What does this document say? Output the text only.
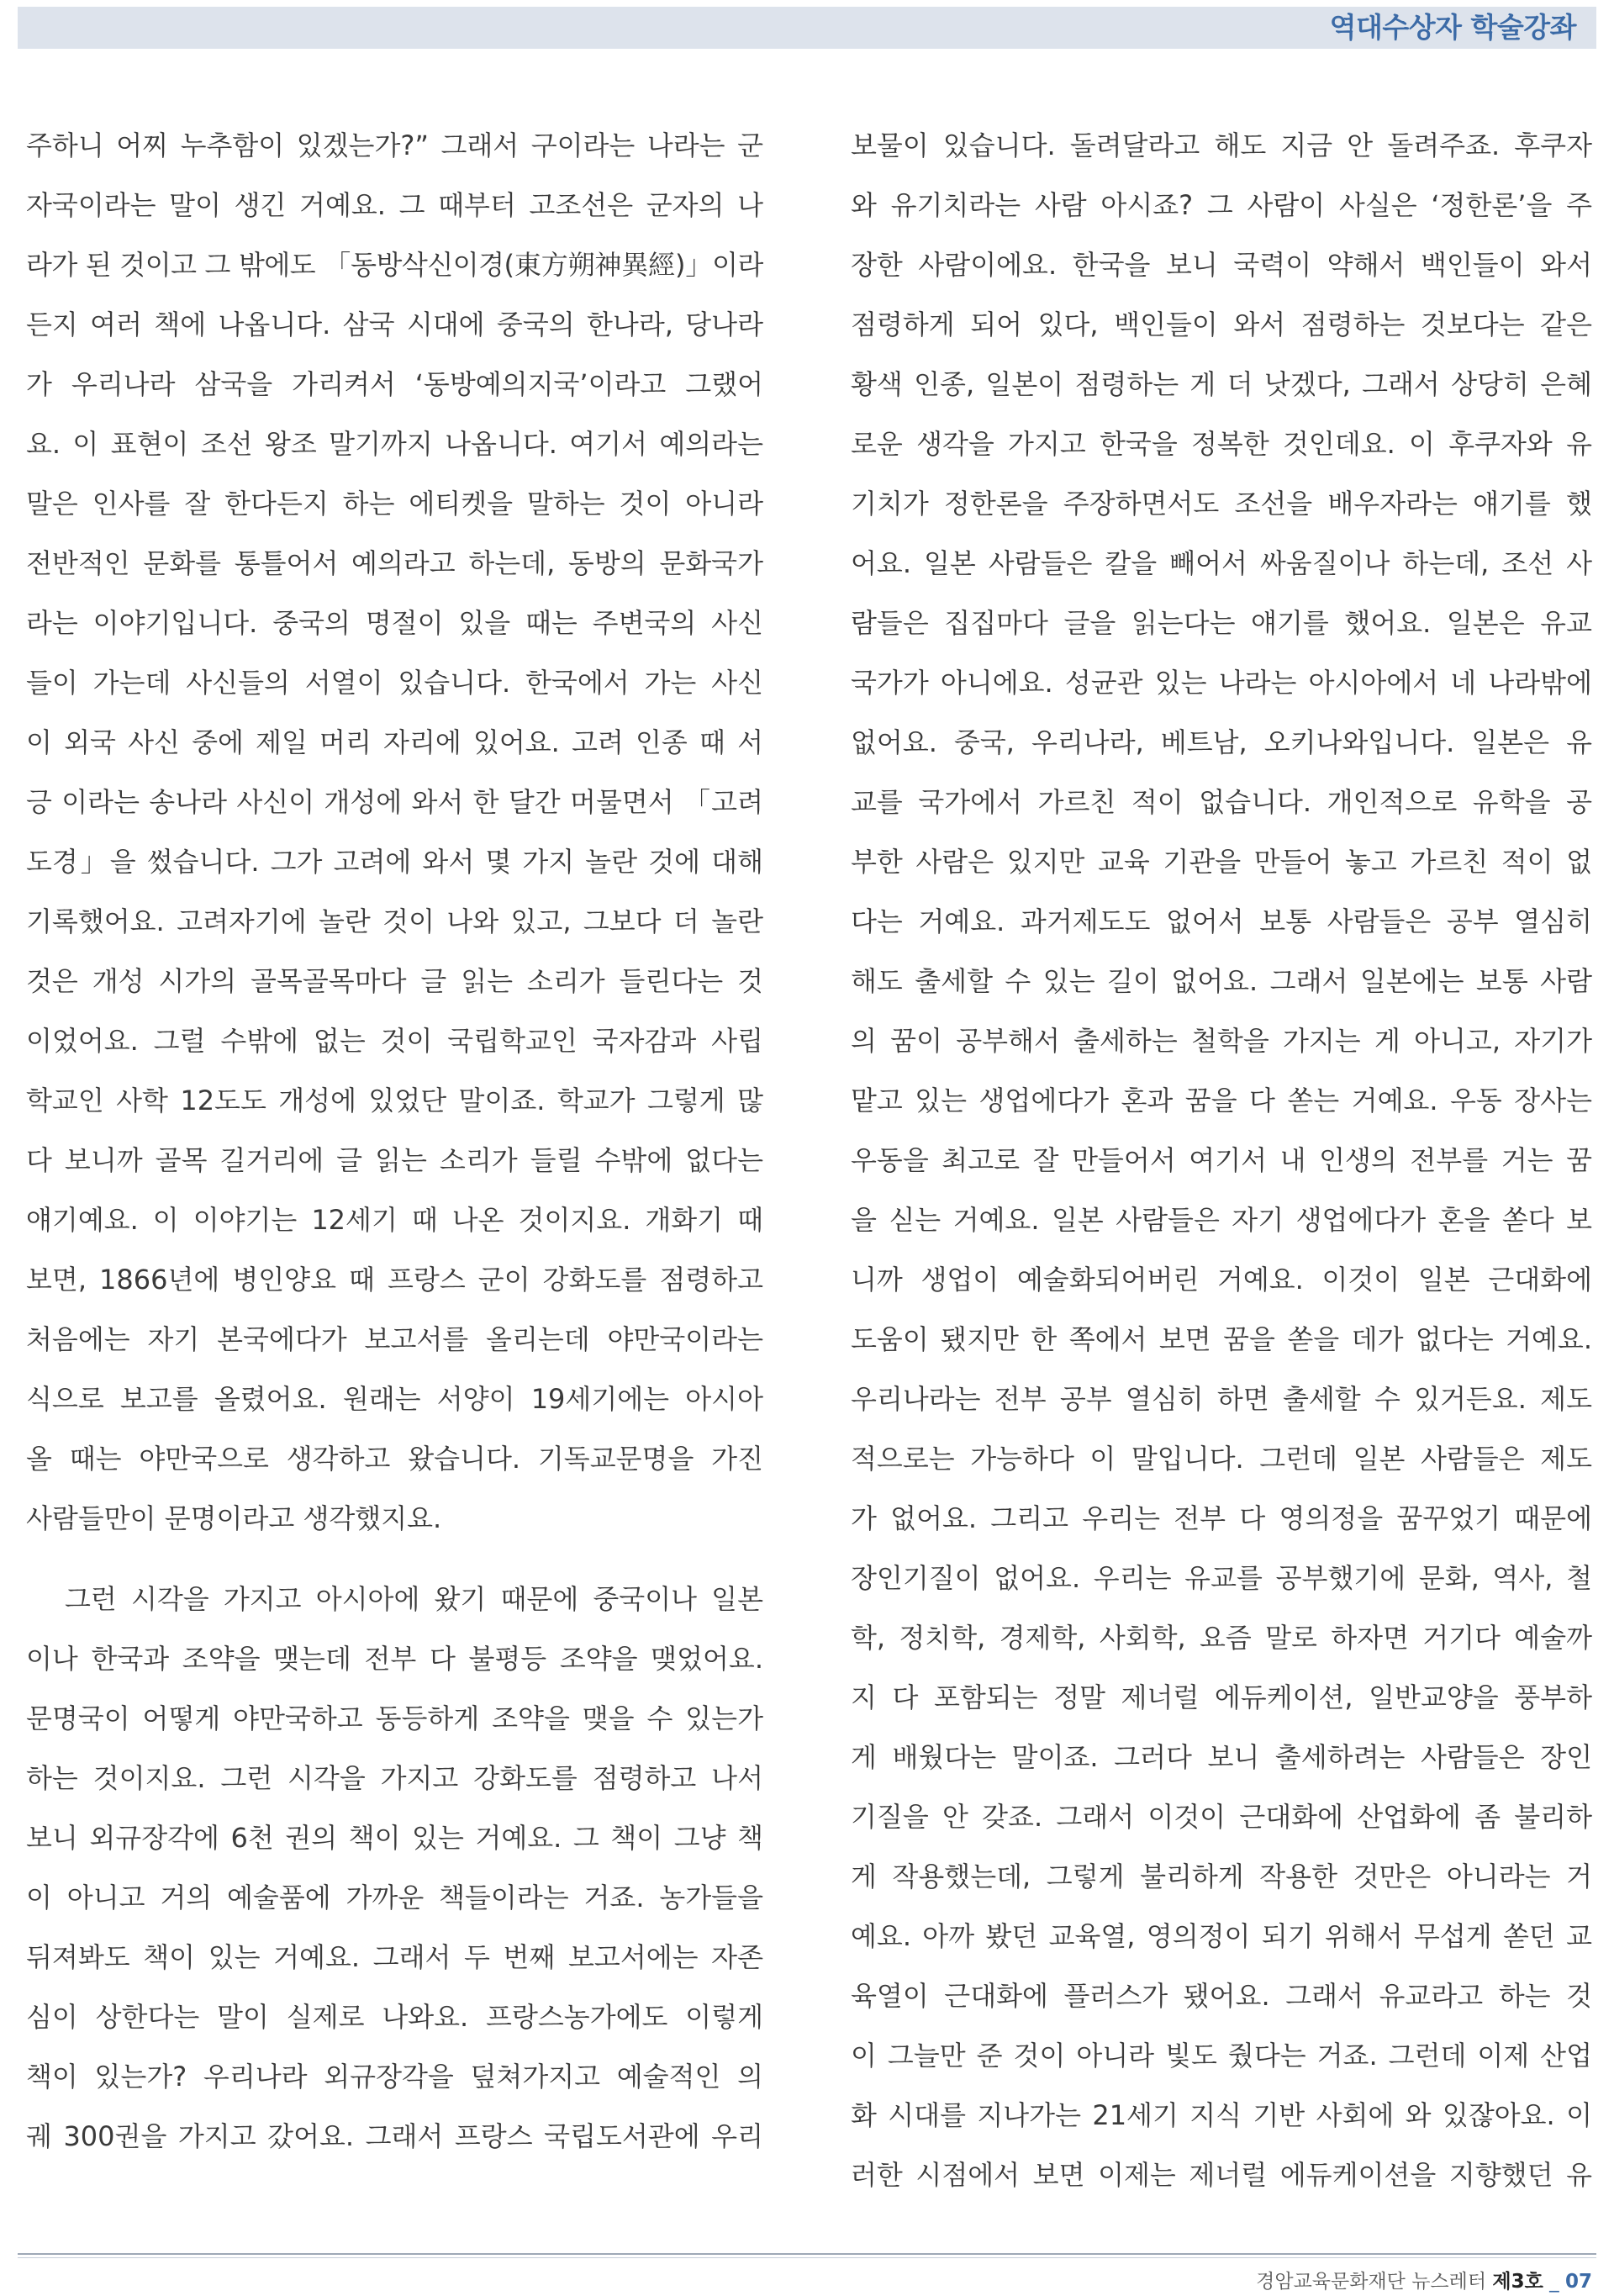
역대수상자 학술강좌
주하니 어찌 누추함이 있겠는가?” 그래서 구이라는 나라는 군
자국이라는 말이 생긴 거예요. 그 때부터 고조선은 군자의 나
라가 된 것이고 그 밖에도 「동방삭신이경(東方朔神異經)」이라
든지 여러 책에 나옵니다. 삼국 시대에 중국의 한나라, 당나라
가 우리나라 삼국을 가리켜서 ‘동방예의지국’이라고 그랬어
요. 이 표현이 조선 왕조 말기까지 나옵니다. 여기서 예의라는
말은 인사를 잘 한다든지 하는 에티켓을 말하는 것이 아니라
전반적인 문화를 통틀어서 예의라고 하는데, 동방의 문화국가
라는 이야기입니다. 중국의 명절이 있을 때는 주변국의 사신
들이 가는데 사신들의 서열이 있습니다. 한국에서 가는 사신
이 외국 사신 중에 제일 머리 자리에 있어요. 고려 인종 때 서
긍 이라는 송나라 사신이 개성에 와서 한 달간 머물면서 「고려
도경」을 썼습니다. 그가 고려에 와서 몇 가지 놀란 것에 대해
기록했어요. 고려자기에 놀란 것이 나와 있고, 그보다 더 놀란
것은 개성 시가의 골목골목마다 글 읽는 소리가 들린다는 것
이었어요. 그럴 수밖에 없는 것이 국립학교인 국자감과 사립
학교인 사학 12도도 개성에 있었단 말이죠. 학교가 그렇게 많
다 보니까 골목 길거리에 글 읽는 소리가 들릴 수밖에 없다는
얘기예요. 이 이야기는 12세기 때 나온 것이지요. 개화기 때
보면, 1866년에 병인양요 때 프랑스 군이 강화도를 점령하고
처음에는 자기 본국에다가 보고서를 올리는데 야만국이라는
식으로 보고를 올렸어요. 원래는 서양이 19세기에는 아시아
올 때는 야만국으로 생각하고 왔습니다. 기독교문명을 가진
사람들만이 문명이라고 생각했지요.
그런 시각을 가지고 아시아에 왔기 때문에 중국이나 일본
이나 한국과 조약을 맺는데 전부 다 불평등 조약을 맺었어요.
문명국이 어떻게 야만국하고 동등하게 조약을 맺을 수 있는가
하는 것이지요. 그런 시각을 가지고 강화도를 점령하고 나서
보니 외규장각에 6천 권의 책이 있는 거예요. 그 책이 그냥 책
이 아니고 거의 예술품에 가까운 책들이라는 거죠. 농가들을
뒤져봐도 책이 있는 거예요. 그래서 두 번째 보고서에는 자존
심이 상한다는 말이 실제로 나와요. 프랑스농가에도 이렇게
책이 있는가? 우리나라 외규장각을 덮쳐가지고 예술적인 의
궤 300권을 가지고 갔어요. 그래서 프랑스 국립도서관에 우리
보물이 있습니다. 돌려달라고 해도 지금 안 돌려주죠. 후쿠자
와 유기치라는 사람 아시죠? 그 사람이 사실은 ‘정한론’을 주
장한 사람이에요. 한국을 보니 국력이 약해서 백인들이 와서
점령하게 되어 있다, 백인들이 와서 점령하는 것보다는 같은
황색 인종, 일본이 점령하는 게 더 낫겠다, 그래서 상당히 은혜
로운 생각을 가지고 한국을 정복한 것인데요. 이 후쿠자와 유
기치가 정한론을 주장하면서도 조선을 배우자라는 얘기를 했
어요. 일본 사람들은 칼을 빼어서 싸움질이나 하는데, 조선 사
람들은 집집마다 글을 읽는다는 얘기를 했어요. 일본은 유교
국가가 아니에요. 성균관 있는 나라는 아시아에서 네 나라밖에
없어요. 중국, 우리나라, 베트남, 오키나와입니다. 일본은 유
교를 국가에서 가르친 적이 없습니다. 개인적으로 유학을 공
부한 사람은 있지만 교육 기관을 만들어 놓고 가르친 적이 없
다는 거예요. 과거제도도 없어서 보통 사람들은 공부 열심히
해도 출세할 수 있는 길이 없어요. 그래서 일본에는 보통 사람
의 꿈이 공부해서 출세하는 철학을 가지는 게 아니고, 자기가
맡고 있는 생업에다가 혼과 꿈을 다 쏟는 거예요. 우동 장사는
우동을 최고로 잘 만들어서 여기서 내 인생의 전부를 거는 꿈
을 싣는 거예요. 일본 사람들은 자기 생업에다가 혼을 쏟다 보
니까 생업이 예술화되어버린 거예요. 이것이 일본 근대화에
도움이 됐지만 한 쪽에서 보면 꿈을 쏟을 데가 없다는 거예요.
우리나라는 전부 공부 열심히 하면 출세할 수 있거든요. 제도
적으로는 가능하다 이 말입니다. 그런데 일본 사람들은 제도
가 없어요. 그리고 우리는 전부 다 영의정을 꿈꾸었기 때문에
장인기질이 없어요. 우리는 유교를 공부했기에 문화, 역사, 철
학, 정치학, 경제학, 사회학, 요즘 말로 하자면 거기다 예술까
지 다 포함되는 정말 제너럴 에듀케이션, 일반교양을 풍부하
게 배웠다는 말이죠. 그러다 보니 출세하려는 사람들은 장인
기질을 안 갖죠. 그래서 이것이 근대화에 산업화에 좀 불리하
게 작용했는데, 그렇게 불리하게 작용한 것만은 아니라는 거
예요. 아까 봤던 교육열, 영의정이 되기 위해서 무섭게 쏟던 교
육열이 근대화에 플러스가 됐어요. 그래서 유교라고 하는 것
이 그늘만 준 것이 아니라 빛도 줬다는 거죠. 그런데 이제 산업
화 시대를 지나가는 21세기 지식 기반 사회에 와 있잖아요. 이
러한 시점에서 보면 이제는 제너럴 에듀케이션을 지향했던 유
경암교육문화재단 뉴스레터 제3호 _ 07
